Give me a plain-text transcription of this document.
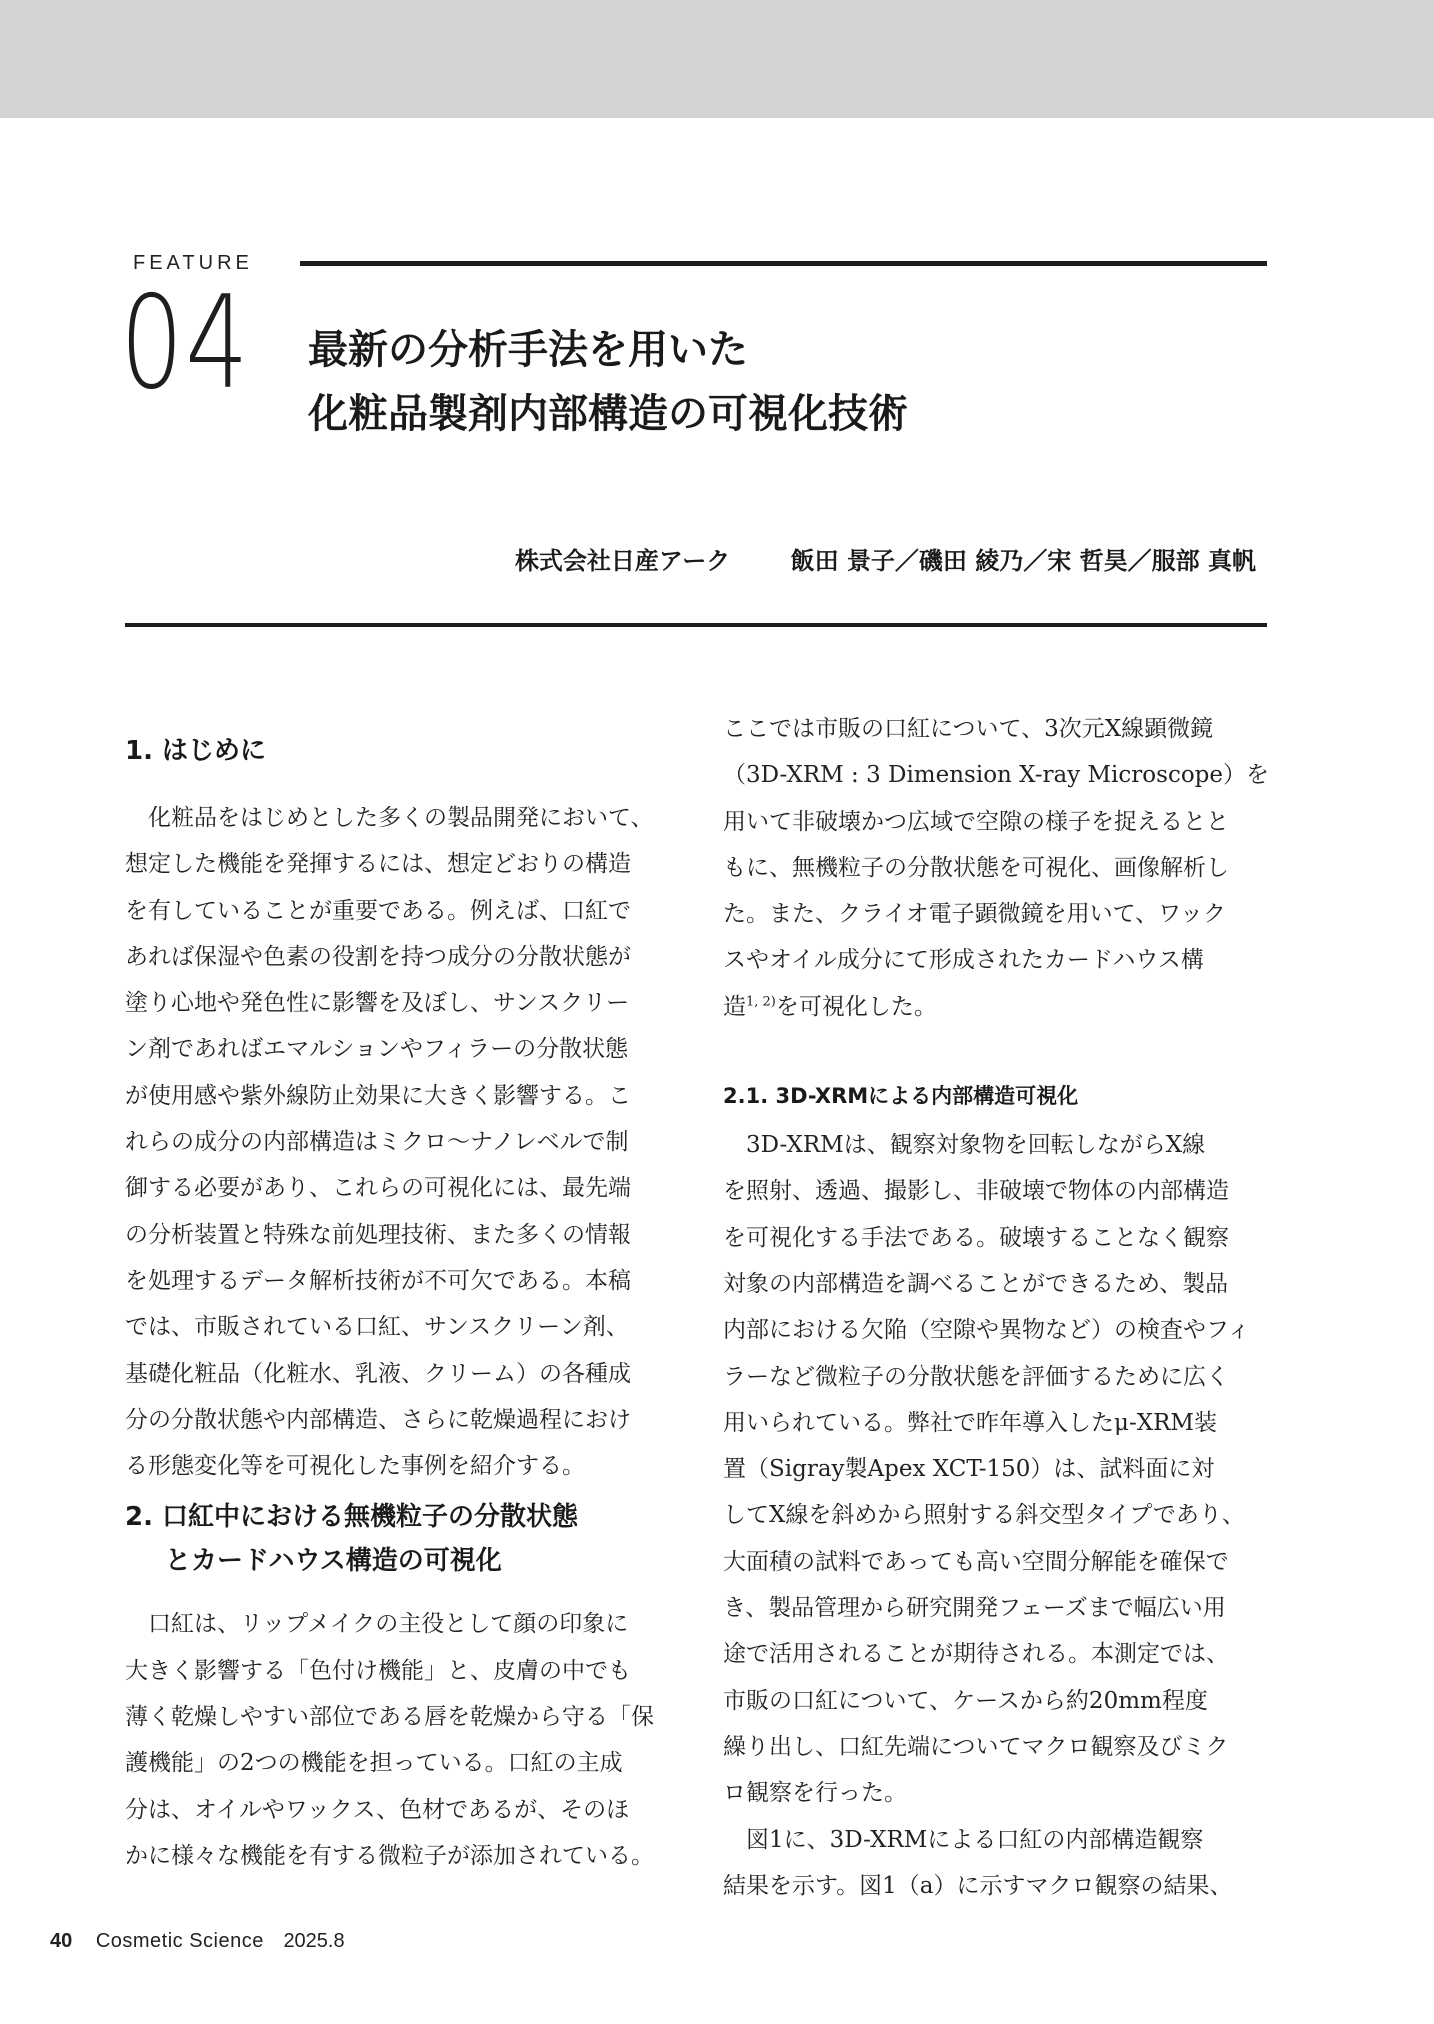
FEATURE
04 最新の分析手法を用いた
化粧品製剤内部構造の可視化技術
株式会社日産アーク	飯田 景子／磯田 綾乃／宋 哲昊／服部 真帆
1. はじめに

化粧品をはじめとした多くの製品開発において、
想定した機能を発揮するには、想定どおりの構造
を有していることが重要である。例えば、口紅で
あれば保湿や色素の役割を持つ成分の分散状態が
塗り心地や発色性に影響を及ぼし、サンスクリー
ン剤であればエマルションやフィラーの分散状態
が使用感や紫外線防止効果に大きく影響する。こ
れらの成分の内部構造はミクロ～ナノレベルで制
御する必要があり、これらの可視化には、最先端
の分析装置と特殊な前処理技術、また多くの情報
を処理するデータ解析技術が不可欠である。本稿
では、市販されている口紅、サンスクリーン剤、
基礎化粧品（化粧水、乳液、クリーム）の各種成
分の分散状態や内部構造、さらに乾燥過程におけ
る形態変化等を可視化した事例を紹介する。

2. 口紅中における無機粒子の分散状態
とカードハウス構造の可視化

口紅は、リップメイクの主役として顔の印象に
大きく影響する「色付け機能」と、皮膚の中でも
薄く乾燥しやすい部位である唇を乾燥から守る「保
護機能」の2つの機能を担っている。口紅の主成
分は、オイルやワックス、色材であるが、そのほ
かに様々な機能を有する微粒子が添加されている。

ここでは市販の口紅について、3次元X線顕微鏡
（3D-XRM : 3 Dimension X-ray Microscope）を
用いて非破壊かつ広域で空隙の様子を捉えるとと
もに、無機粒子の分散状態を可視化、画像解析し
た。また、クライオ電子顕微鏡を用いて、ワック
スやオイル成分にて形成されたカードハウス構
造$^{1, 2)}$を可視化した。

2.1. 3D-XRMによる内部構造可視化

3D-XRMは、観察対象物を回転しながらX線
を照射、透過、撮影し、非破壊で物体の内部構造
を可視化する手法である。破壊することなく観察
対象の内部構造を調べることができるため、製品
内部における欠陥（空隙や異物など）の検査やフィ
ラーなど微粒子の分散状態を評価するために広く
用いられている。弊社で昨年導入したμ-XRM装
置（Sigray製Apex XCT-150）は、試料面に対
してX線を斜めから照射する斜交型タイプであり、
大面積の試料であっても高い空間分解能を確保で
き、製品管理から研究開発フェーズまで幅広い用
途で活用されることが期待される。本測定では、
市販の口紅について、ケースから約20mm程度
繰り出し、口紅先端についてマクロ観察及びミク
ロ観察を行った。

図1に、3D-XRMによる口紅の内部構造観察
結果を示す。図1（a）に示すマクロ観察の結果、

40 Cosmetic Science 2025.8
